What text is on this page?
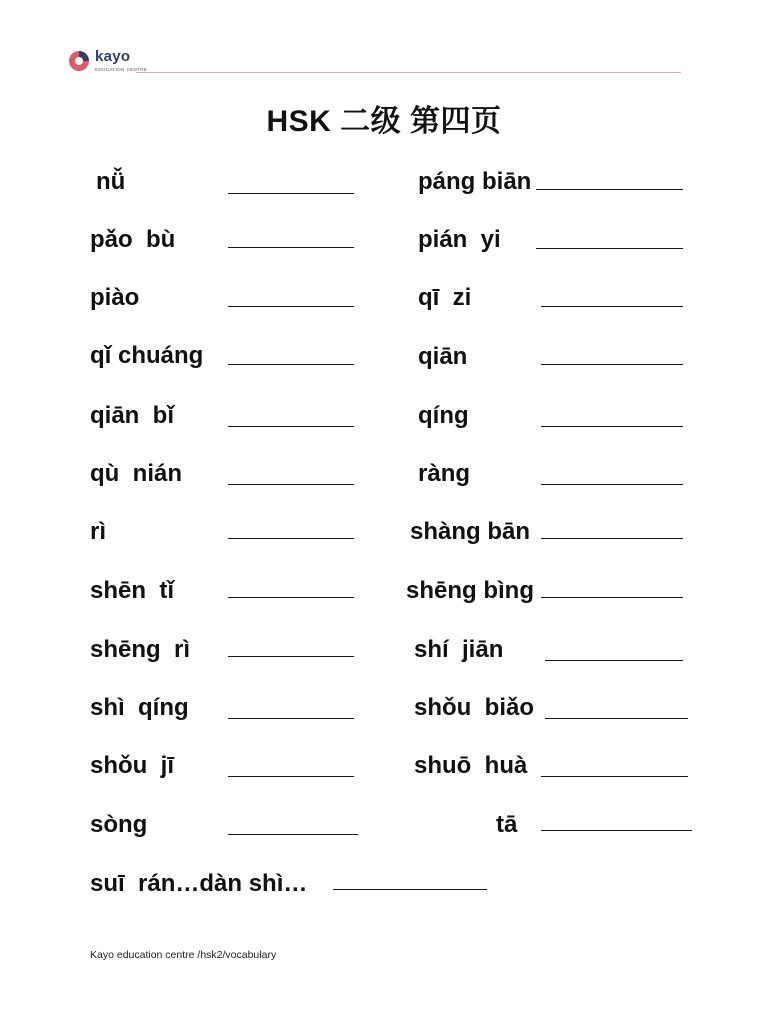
kayo
EDUCATION CENTRE
HSK 二级 第四页
nǚ
pǎo  bù
piào
qǐ chuáng
qiān  bǐ
qù  nián
rì
shēn  tǐ
shēng  rì
shì  qíng
shǒu  jī
sòng
suī  rán…dàn shì…
páng biān
pián  yi
qī  zi
qiān
qíng
ràng
shàng bān
shēng bìng
shí  jiān
shǒu  biǎo
shuō  huà
tā
Kayo education centre /hsk2/vocabulary
